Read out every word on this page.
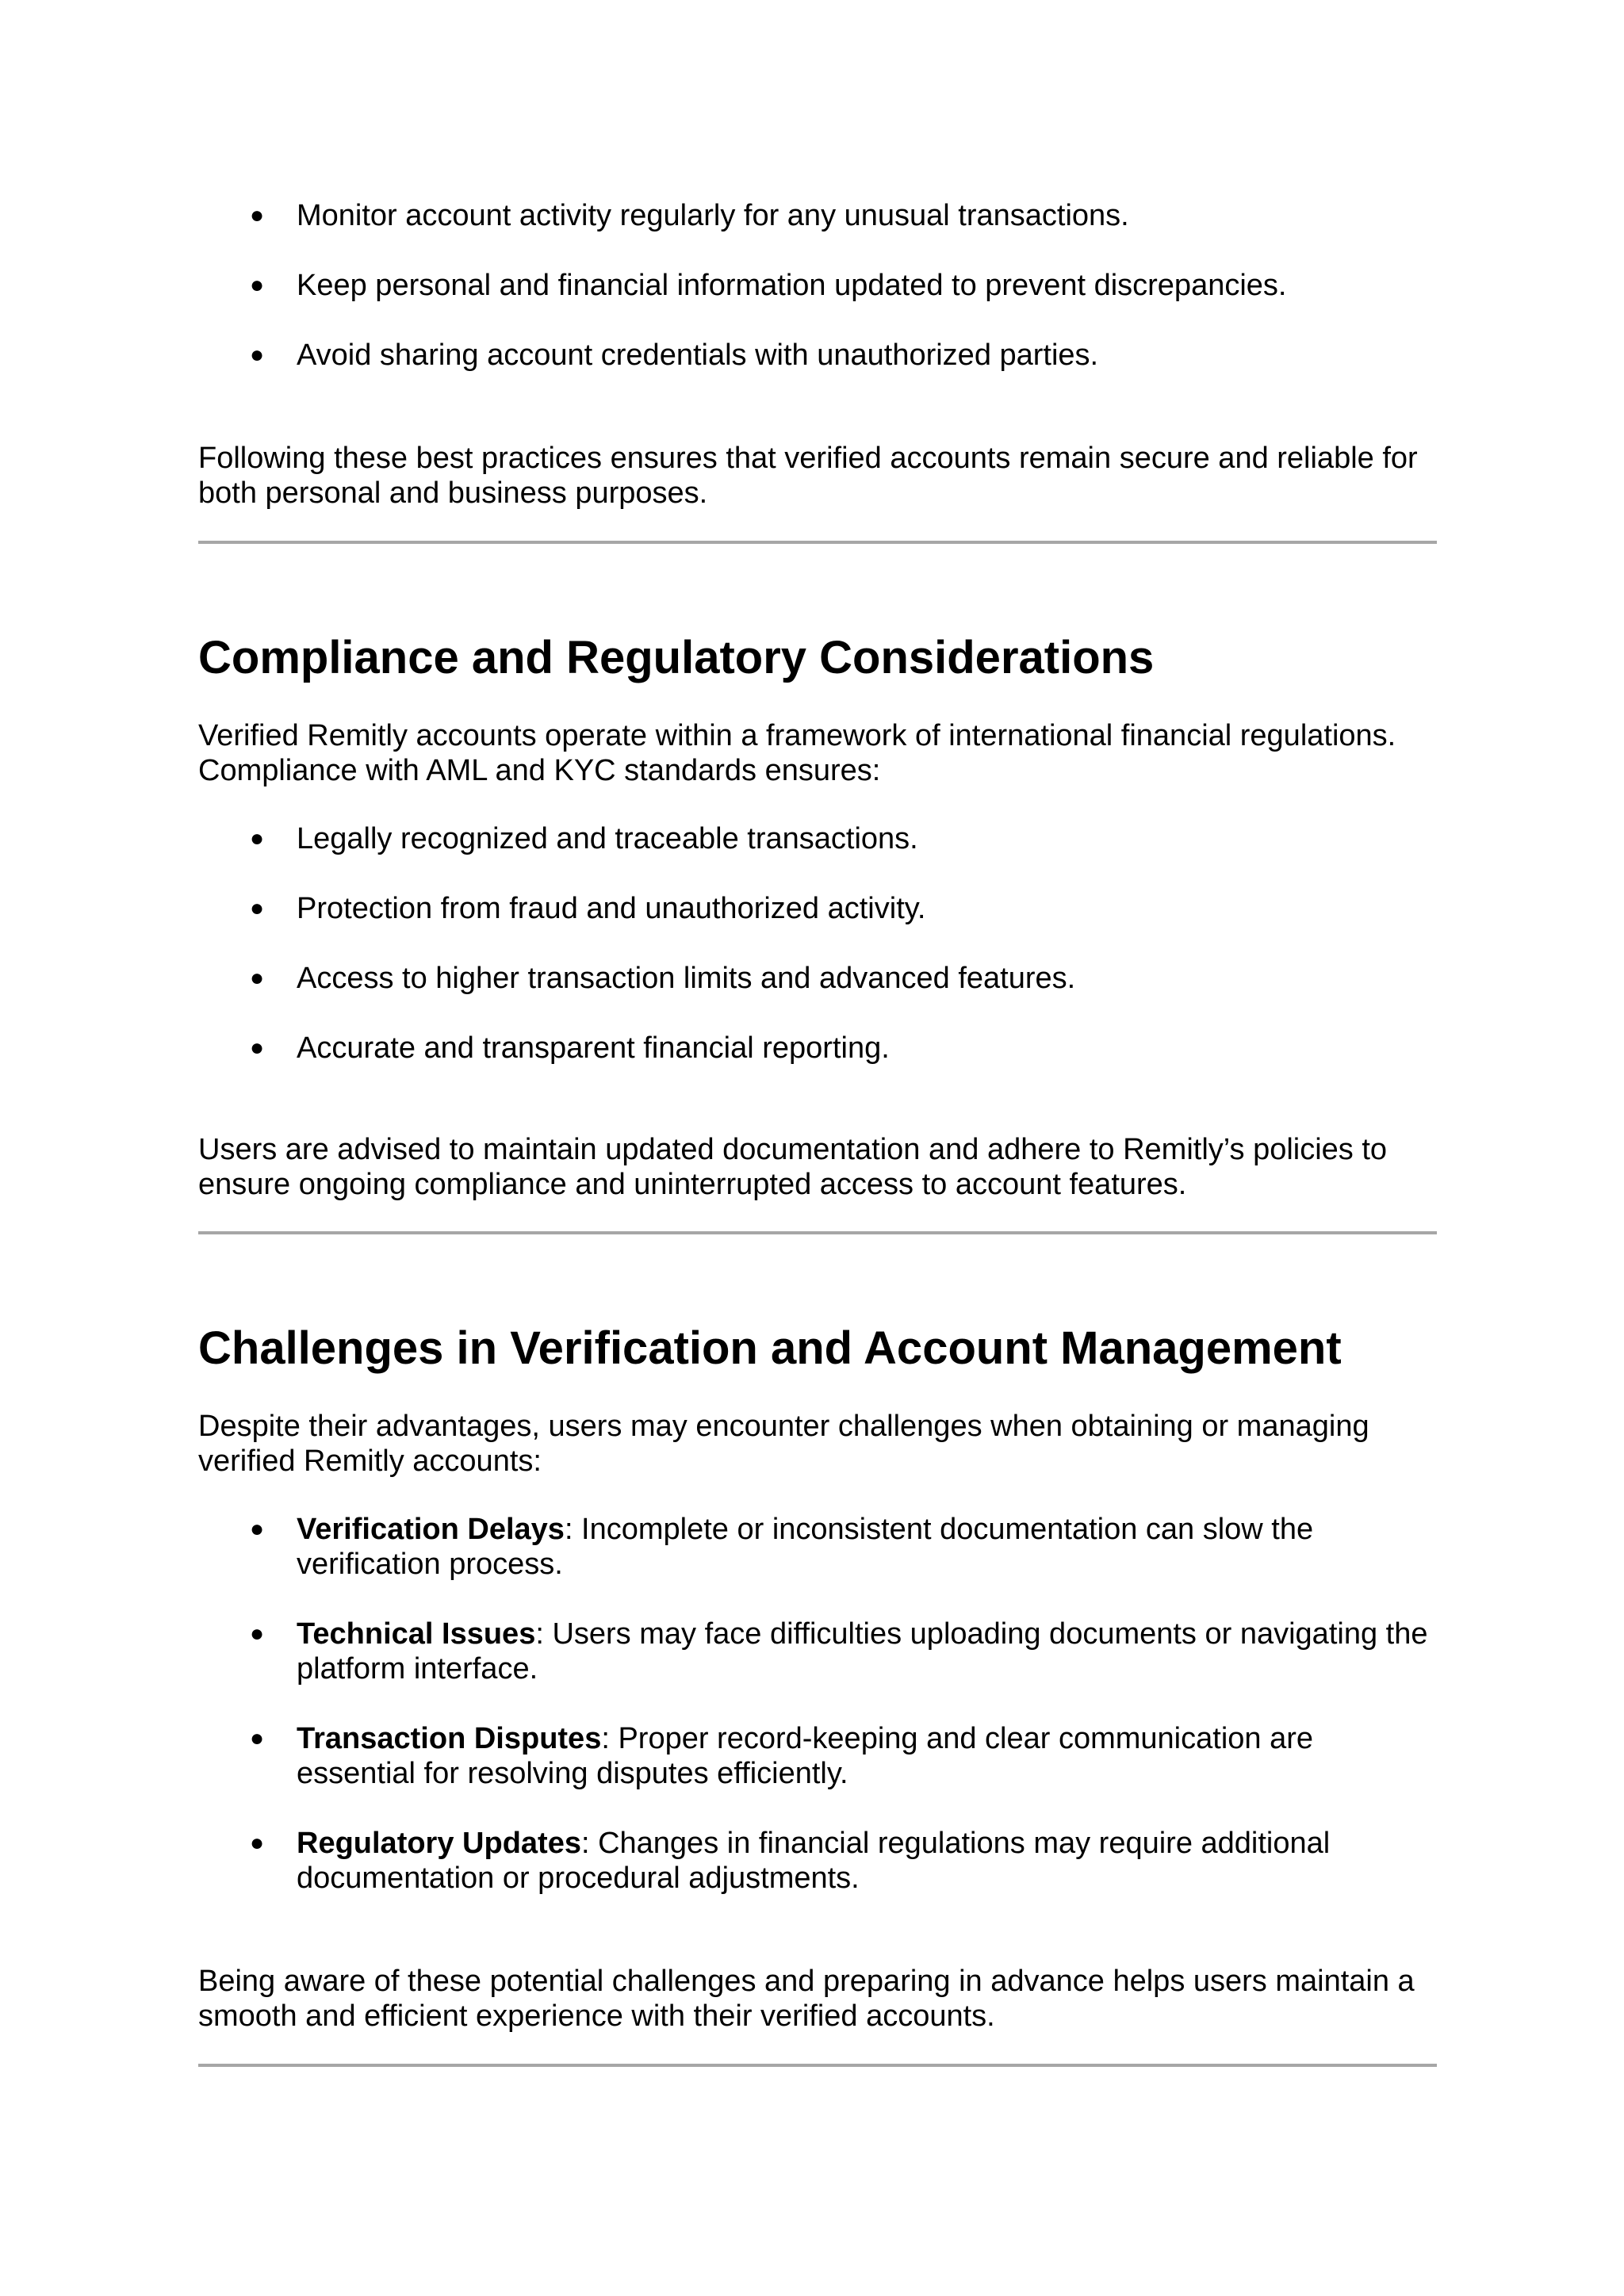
● Monitor account activity regularly for any unusual transactions.
● Keep personal and financial information updated to prevent discrepancies.
● Avoid sharing account credentials with unauthorized parties.

Following these best practices ensures that verified accounts remain secure and reliable for both personal and business purposes.

Compliance and Regulatory Considerations

Verified Remitly accounts operate within a framework of international financial regulations. Compliance with AML and KYC standards ensures:

● Legally recognized and traceable transactions.
● Protection from fraud and unauthorized activity.
● Access to higher transaction limits and advanced features.
● Accurate and transparent financial reporting.

Users are advised to maintain updated documentation and adhere to Remitly’s policies to ensure ongoing compliance and uninterrupted access to account features.

Challenges in Verification and Account Management

Despite their advantages, users may encounter challenges when obtaining or managing verified Remitly accounts:

● Verification Delays: Incomplete or inconsistent documentation can slow the verification process.
● Technical Issues: Users may face difficulties uploading documents or navigating the platform interface.
● Transaction Disputes: Proper record-keeping and clear communication are essential for resolving disputes efficiently.
● Regulatory Updates: Changes in financial regulations may require additional documentation or procedural adjustments.

Being aware of these potential challenges and preparing in advance helps users maintain a smooth and efficient experience with their verified accounts.
